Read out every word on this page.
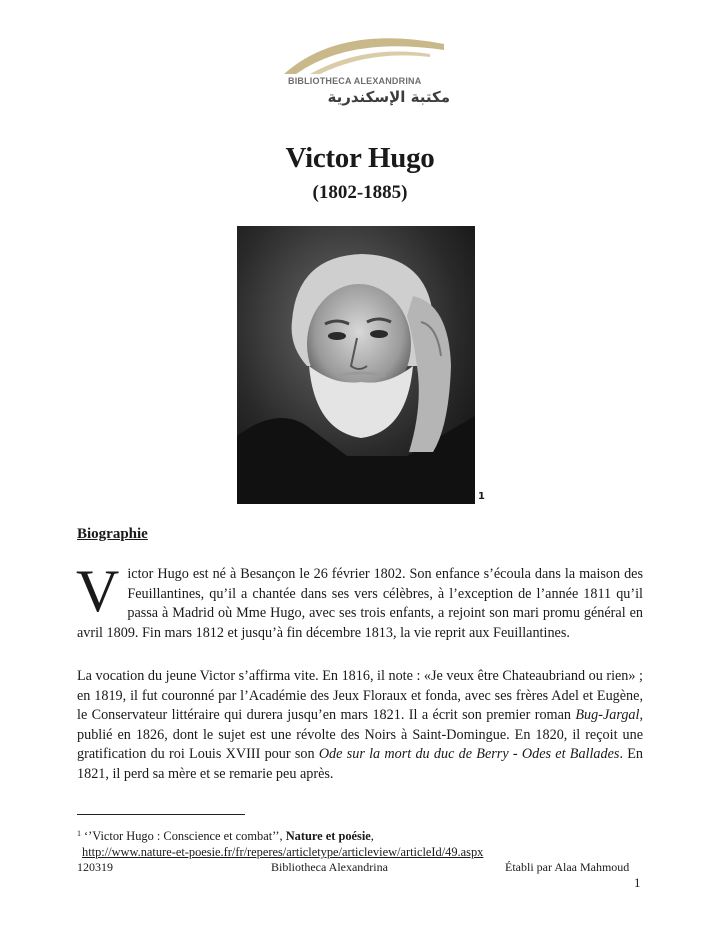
BIBLIOTHECA ALEXANDRINA
مكتبة الإسكندرية
Victor Hugo
(1802-1885)
1
Biographie
Victor Hugo est né à Besançon le 26 février 1802. Son enfance s’écoula dans la maison des Feuillantines, qu’il a chantée dans ses vers célèbres, à l’exception de l’année 1811 qu’il passa à Madrid où Mme Hugo, avec ses trois enfants, a rejoint son mari promu général en avril 1809. Fin mars 1812 et jusqu’à fin décembre 1813, la vie reprit aux Feuillantines.
La vocation du jeune Victor s’affirma vite. En 1816, il note : «Je veux être Chateaubriand ou rien» ; en 1819, il fut couronné par l’Académie des Jeux Floraux et fonda, avec ses frères Adel et Eugène, le Conservateur littéraire qui durera jusqu’en mars 1821. Il a écrit son premier roman Bug-Jargal, publié en 1826, dont le sujet est une révolte des Noirs à Saint-Domingue. En 1820, il reçoit une gratification du roi Louis XVIII pour son Ode sur la mort du duc de Berry - Odes et Ballades. En 1821, il perd sa mère et se remarie peu après.
$^1$ ‘’Victor Hugo : Conscience et combat’’, Nature et poésie,
http://www.nature-et-poesie.fr/fr/reperes/articletype/articleview/articleId/49.aspx
120319	Bibliotheca Alexandrina	Établi par Alaa Mahmoud
1
